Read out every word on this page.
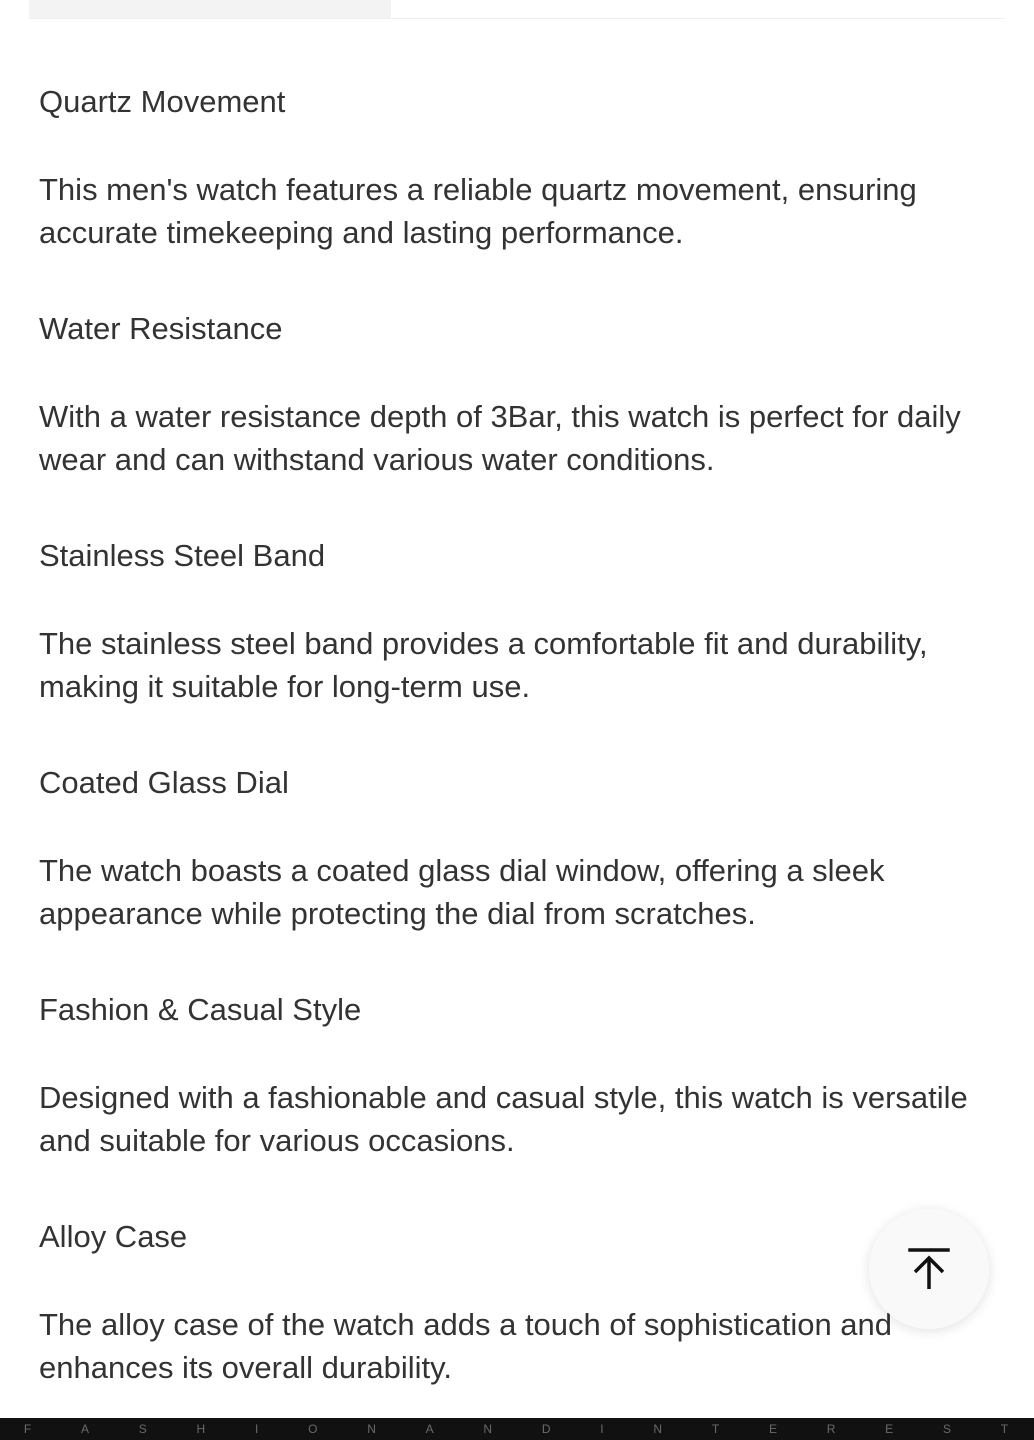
Quartz Movement

This men's watch features a reliable quartz movement, ensuring accurate timekeeping and lasting performance.

Water Resistance

With a water resistance depth of 3Bar, this watch is perfect for daily wear and can withstand various water conditions.

Stainless Steel Band

The stainless steel band provides a comfortable fit and durability, making it suitable for long-term use.

Coated Glass Dial

The watch boasts a coated glass dial window, offering a sleek appearance while protecting the dial from scratches.

Fashion & Casual Style

Designed with a fashionable and casual style, this watch is versatile and suitable for various occasions.

Alloy Case

The alloy case of the watch adds a touch of sophistication and enhances its overall durability.

F	A	S	H	I	O	N	A	N	D	I	N	T	E	R	E	S	T
